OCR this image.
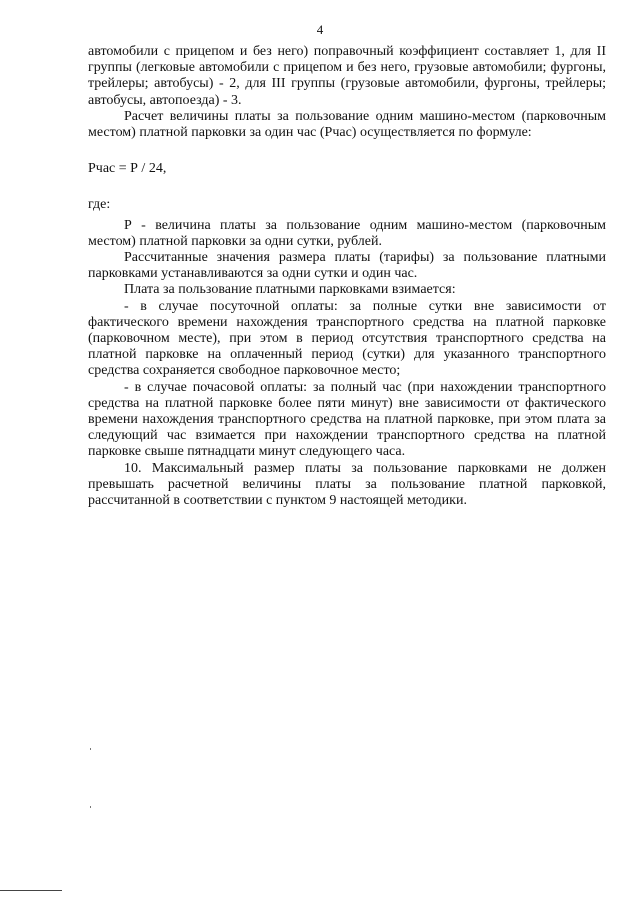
4

автомобили с прицепом и без него) поправочный коэффициент составляет 1, для II группы (легковые автомобили с прицепом и без него, грузовые автомобили; фургоны, трейлеры; автобусы) - 2, для III группы (грузовые автомобили, фургоны, трейлеры; автобусы, автопоезда) - 3.

Расчет величины платы за пользование одним машино-местом (парковочным местом) платной парковки за один час (Рчас) осуществляется по формуле:

Рчас = Р / 24,

где:

Р - величина платы за пользование одним машино-местом (парковочным местом) платной парковки за одни сутки, рублей.

Рассчитанные значения размера платы (тарифы) за пользование платными парковками устанавливаются за одни сутки и один час.

Плата за пользование платными парковками взимается:

- в случае посуточной оплаты: за полные сутки вне зависимости от фактического времени нахождения транспортного средства на платной парковке (парковочном месте), при этом в период отсутствия транспортного средства на платной парковке на оплаченный период (сутки) для указанного транспортного средства сохраняется свободное парковочное место;

- в случае почасовой оплаты: за полный час (при нахождении транспортного средства на платной парковке более пяти минут) вне зависимости от фактического времени нахождения транспортного средства на платной парковке, при этом плата за следующий час взимается при нахождении транспортного средства на платной парковке свыше пятнадцати минут следующего часа.

10. Максимальный размер платы за пользование парковками не должен превышать расчетной величины платы за пользование платной парковкой, рассчитанной в соответствии с пунктом 9 настоящей методики.
